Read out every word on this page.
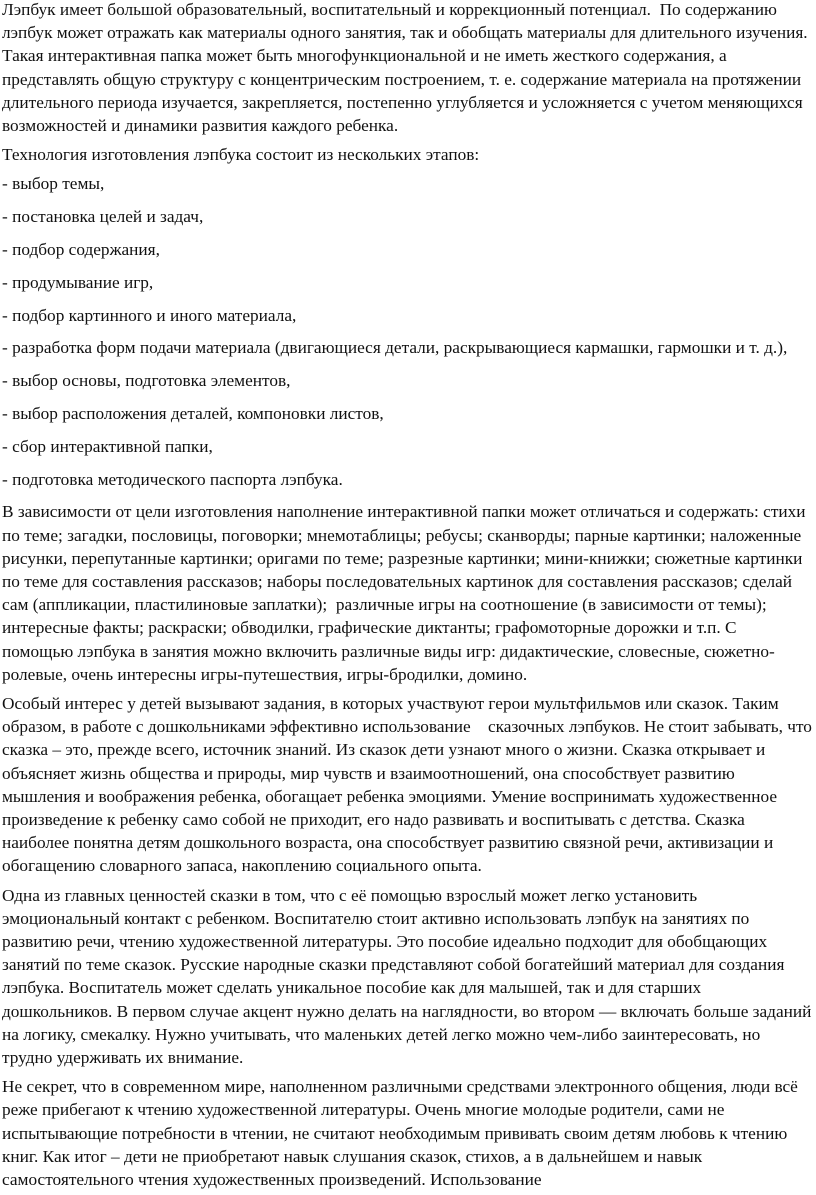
Лэпбук имеет большой образовательный, воспитательный и коррекционный потенциал.  По содержанию лэпбук может отражать как материалы одного занятия, так и обобщать материалы для длительного изучения. Такая интерактивная папка может быть многофункциональной и не иметь жесткого содержания, а представлять общую структуру с концентрическим построением, т. е. содержание материала на протяжении длительного периода изучается, закрепляется, постепенно углубляется и усложняется с учетом меняющихся возможностей и динамики развития каждого ребенка.

Технология изготовления лэпбука состоит из нескольких этапов:

- выбор темы,

- постановка целей и задач,

- подбор содержания,

- продумывание игр,

- подбор картинного и иного материала,

- разработка форм подачи материала (двигающиеся детали, раскрывающиеся кармашки, гармошки и т. д.),

- выбор основы, подготовка элементов,

- выбор расположения деталей, компоновки листов,

- сбор интерактивной папки,

- подготовка методического паспорта лэпбука.

В зависимости от цели изготовления наполнение интерактивной папки может отличаться и содержать: стихи по теме; загадки, пословицы, поговорки; мнемотаблицы; ребусы; сканворды; парные картинки; наложенные рисунки, перепутанные картинки; оригами по теме; разрезные картинки; мини-книжки; сюжетные картинки по теме для составления рассказов; наборы последовательных картинок для составления рассказов; сделай сам (аппликации, пластилиновые заплатки);  различные игры на соотношение (в зависимости от темы); интересные факты; раскраски; обводилки, графические диктанты; графомоторные дорожки и т.п. С помощью лэпбука в занятия можно включить различные виды игр: дидактические, словесные, сюжетно-ролевые, очень интересны игры-путешествия, игры-бродилки, домино.

Особый интерес у детей вызывают задания, в которых участвуют герои мультфильмов или сказок. Таким образом, в работе с дошкольниками эффективно использование    сказочных лэпбуков. Не стоит забывать, что сказка – это, прежде всего, источник знаний. Из сказок дети узнают много о жизни. Сказка открывает и объясняет жизнь общества и природы, мир чувств и взаимоотношений, она способствует развитию мышления и воображения ребенка, обогащает ребенка эмоциями. Умение воспринимать художественное произведение к ребенку само собой не приходит, его надо развивать и воспитывать с детства. Сказка наиболее понятна детям дошкольного возраста, она способствует развитию связной речи, активизации и обогащению словарного запаса, накоплению социального опыта.

Одна из главных ценностей сказки в том, что с её помощью взрослый может легко установить эмоциональный контакт с ребенком. Воспитателю стоит активно использовать лэпбук на занятиях по развитию речи, чтению художественной литературы. Это пособие идеально подходит для обобщающих занятий по теме сказок. Русские народные сказки представляют собой богатейший материал для создания лэпбука. Воспитатель может сделать уникальное пособие как для малышей, так и для старших дошкольников. В первом случае акцент нужно делать на наглядности, во втором — включать больше заданий на логику, смекалку. Нужно учитывать, что маленьких детей легко можно чем-либо заинтересовать, но трудно удерживать их внимание.

Не секрет, что в современном мире, наполненном различными средствами электронного общения, люди всё реже прибегают к чтению художественной литературы. Очень многие молодые родители, сами не испытывающие потребности в чтении, не считают необходимым прививать своим детям любовь к чтению книг. Как итог – дети не приобретают навык слушания сказок, стихов, а в дальнейшем и навык самостоятельного чтения художественных произведений. Использование
